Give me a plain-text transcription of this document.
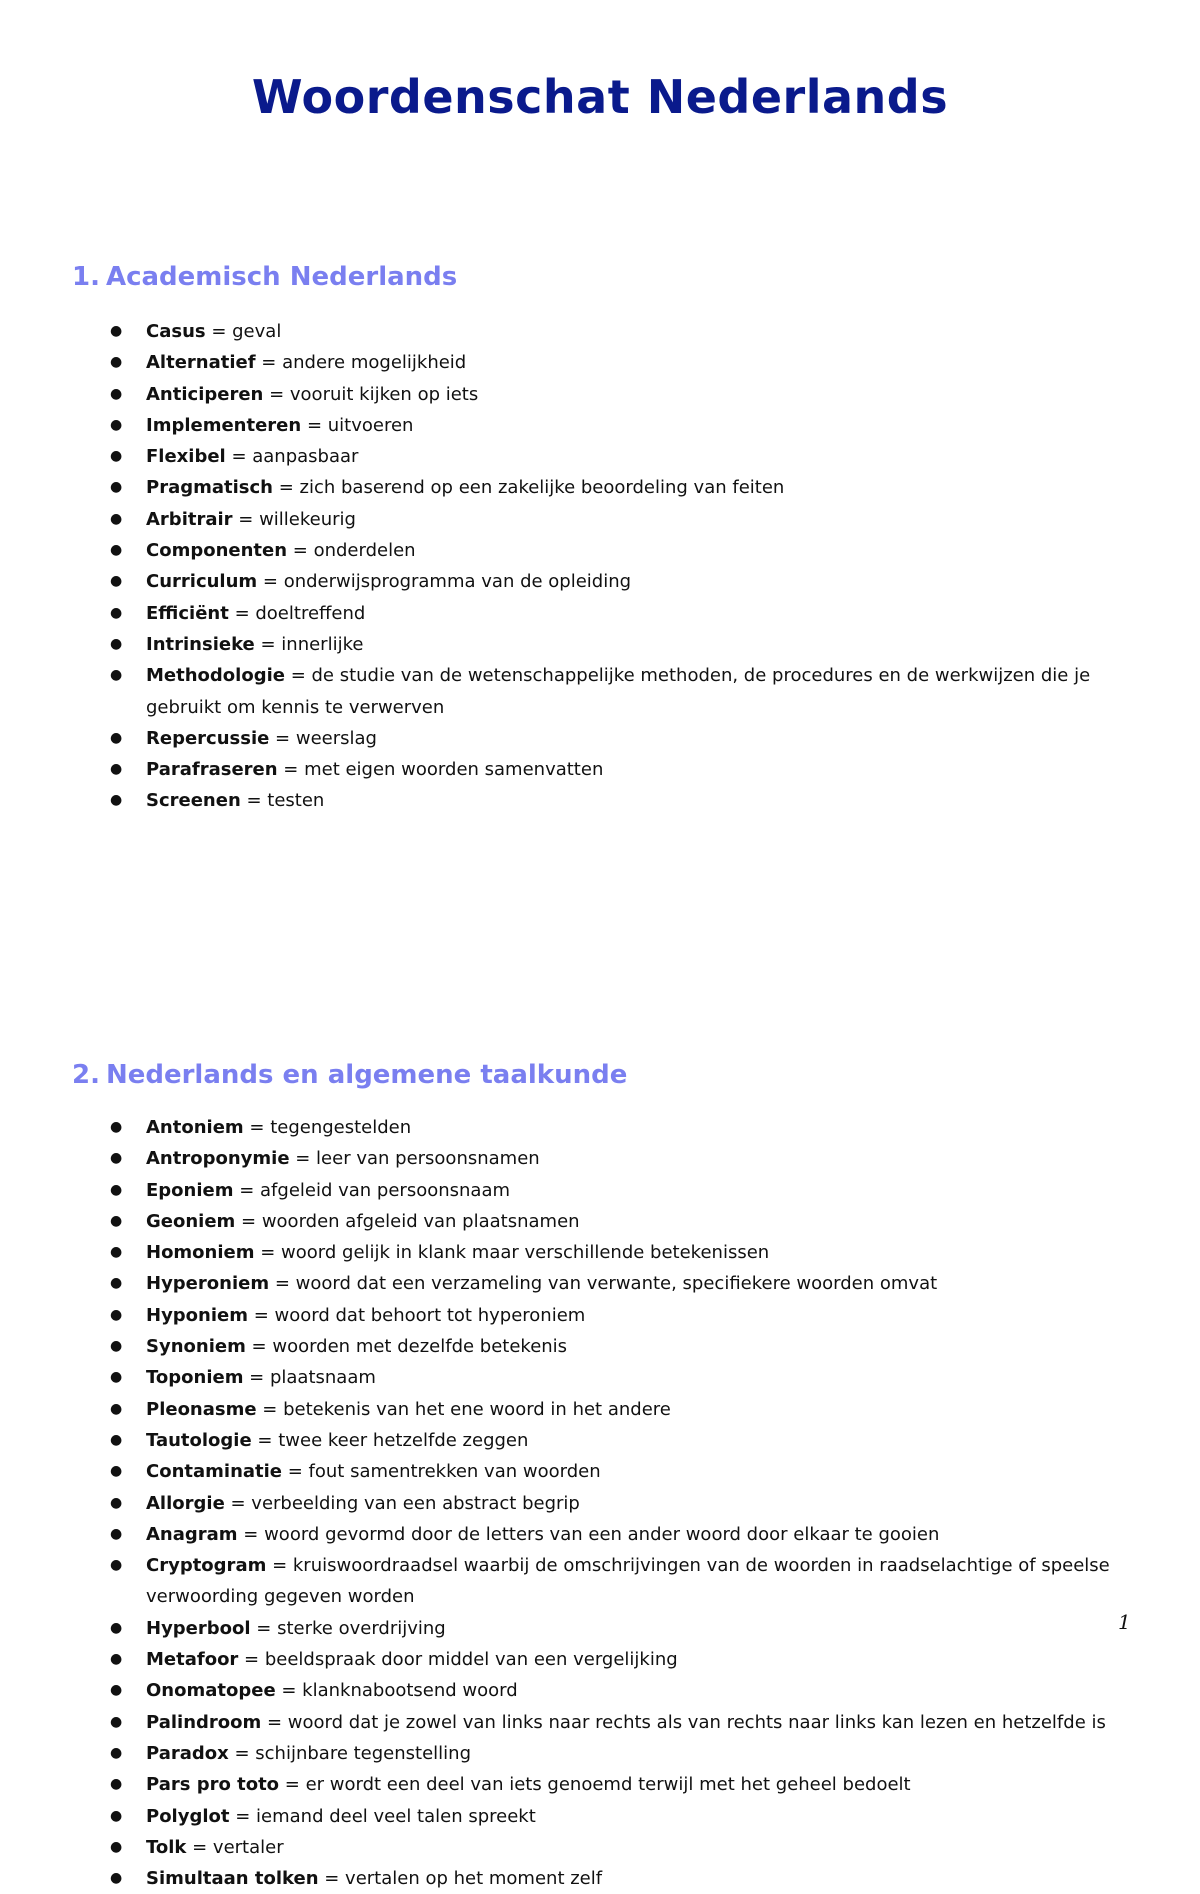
Woordenschat Nederlands
1. Academisch Nederlands
● Casus = geval
● Alternatief = andere mogelijkheid
● Anticiperen = vooruit kijken op iets
● Implementeren = uitvoeren
● Flexibel = aanpasbaar
● Pragmatisch = zich baserend op een zakelijke beoordeling van feiten
● Arbitrair = willekeurig
● Componenten = onderdelen
● Curriculum = onderwijsprogramma van de opleiding
● Efficiënt = doeltreffend
● Intrinsieke = innerlijke
● Methodologie = de studie van de wetenschappelijke methoden, de procedures en de werkwijzen die je gebruikt om kennis te verwerven
● Repercussie = weerslag
● Parafraseren = met eigen woorden samenvatten
● Screenen = testen
2. Nederlands en algemene taalkunde
● Antoniem = tegengestelden
● Antroponymie = leer van persoonsnamen
● Eponiem = afgeleid van persoonsnaam
● Geoniem = woorden afgeleid van plaatsnamen
● Homoniem = woord gelijk in klank maar verschillende betekenissen
● Hyperoniem = woord dat een verzameling van verwante, specifiekere woorden omvat
● Hyponiem = woord dat behoort tot hyperoniem
● Synoniem = woorden met dezelfde betekenis
● Toponiem = plaatsnaam
● Pleonasme = betekenis van het ene woord in het andere
● Tautologie = twee keer hetzelfde zeggen
● Contaminatie = fout samentrekken van woorden
● Allorgie = verbeelding van een abstract begrip
● Anagram = woord gevormd door de letters van een ander woord door elkaar te gooien
● Cryptogram = kruiswoordraadsel waarbij de omschrijvingen van de woorden in raadselachtige of speelse verwoording gegeven worden
● Hyperbool = sterke overdrijving
● Metafoor = beeldspraak door middel van een vergelijking
● Onomatopee = klanknabootsend woord
● Palindroom = woord dat je zowel van links naar rechts als van rechts naar links kan lezen en hetzelfde is
● Paradox = schijnbare tegenstelling
● Pars pro toto = er wordt een deel van iets genoemd terwijl met het geheel bedoelt
● Polyglot = iemand deel veel talen spreekt
● Tolk = vertaler
● Simultaan tolken = vertalen op het moment zelf
1
